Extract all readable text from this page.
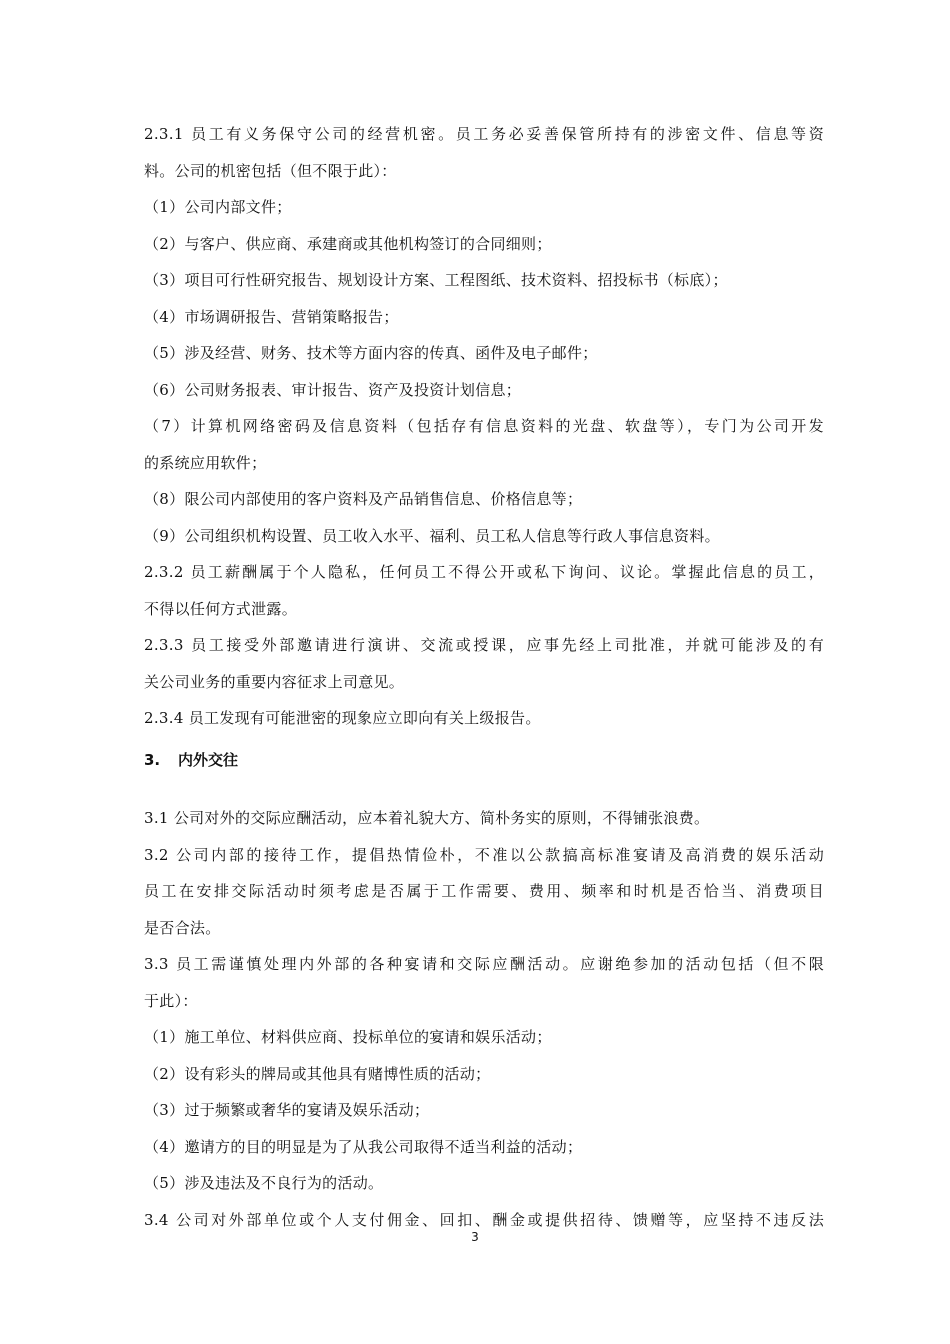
2.3.1 员工有义务保守公司的经营机密。员工务必妥善保管所持有的涉密文件、信息等资
料。公司的机密包括（但不限于此）：
（1）公司内部文件；
（2）与客户、供应商、承建商或其他机构签订的合同细则；
（3）项目可行性研究报告、规划设计方案、工程图纸、技术资料、招投标书（标底）；
（4）市场调研报告、营销策略报告；
（5）涉及经营、财务、技术等方面内容的传真、函件及电子邮件；
（6）公司财务报表、审计报告、资产及投资计划信息；
（7）计算机网络密码及信息资料（包括存有信息资料的光盘、软盘等），专门为公司开发
的系统应用软件；
（8）限公司内部使用的客户资料及产品销售信息、价格信息等；
（9）公司组织机构设置、员工收入水平、福利、员工私人信息等行政人事信息资料。
2.3.2 员工薪酬属于个人隐私，任何员工不得公开或私下询问、议论。掌握此信息的员工，
不得以任何方式泄露。
2.3.3 员工接受外部邀请进行演讲、交流或授课，应事先经上司批准，并就可能涉及的有
关公司业务的重要内容征求上司意见。
2.3.4 员工发现有可能泄密的现象应立即向有关上级报告。
3. 内外交往
3.1 公司对外的交际应酬活动，应本着礼貌大方、简朴务实的原则，不得铺张浪费。
3.2 公司内部的接待工作，提倡热情俭朴，不准以公款搞高标准宴请及高消费的娱乐活动
员工在安排交际活动时须考虑是否属于工作需要、费用、频率和时机是否恰当、消费项目
是否合法。
3.3 员工需谨慎处理内外部的各种宴请和交际应酬活动。应谢绝参加的活动包括（但不限
于此）：
（1）施工单位、材料供应商、投标单位的宴请和娱乐活动；
（2）设有彩头的牌局或其他具有赌博性质的活动；
（3）过于频繁或奢华的宴请及娱乐活动；
（4）邀请方的目的明显是为了从我公司取得不适当利益的活动；
（5）涉及违法及不良行为的活动。
3.4 公司对外部单位或个人支付佣金、回扣、酬金或提供招待、馈赠等，应坚持不违反法
3
